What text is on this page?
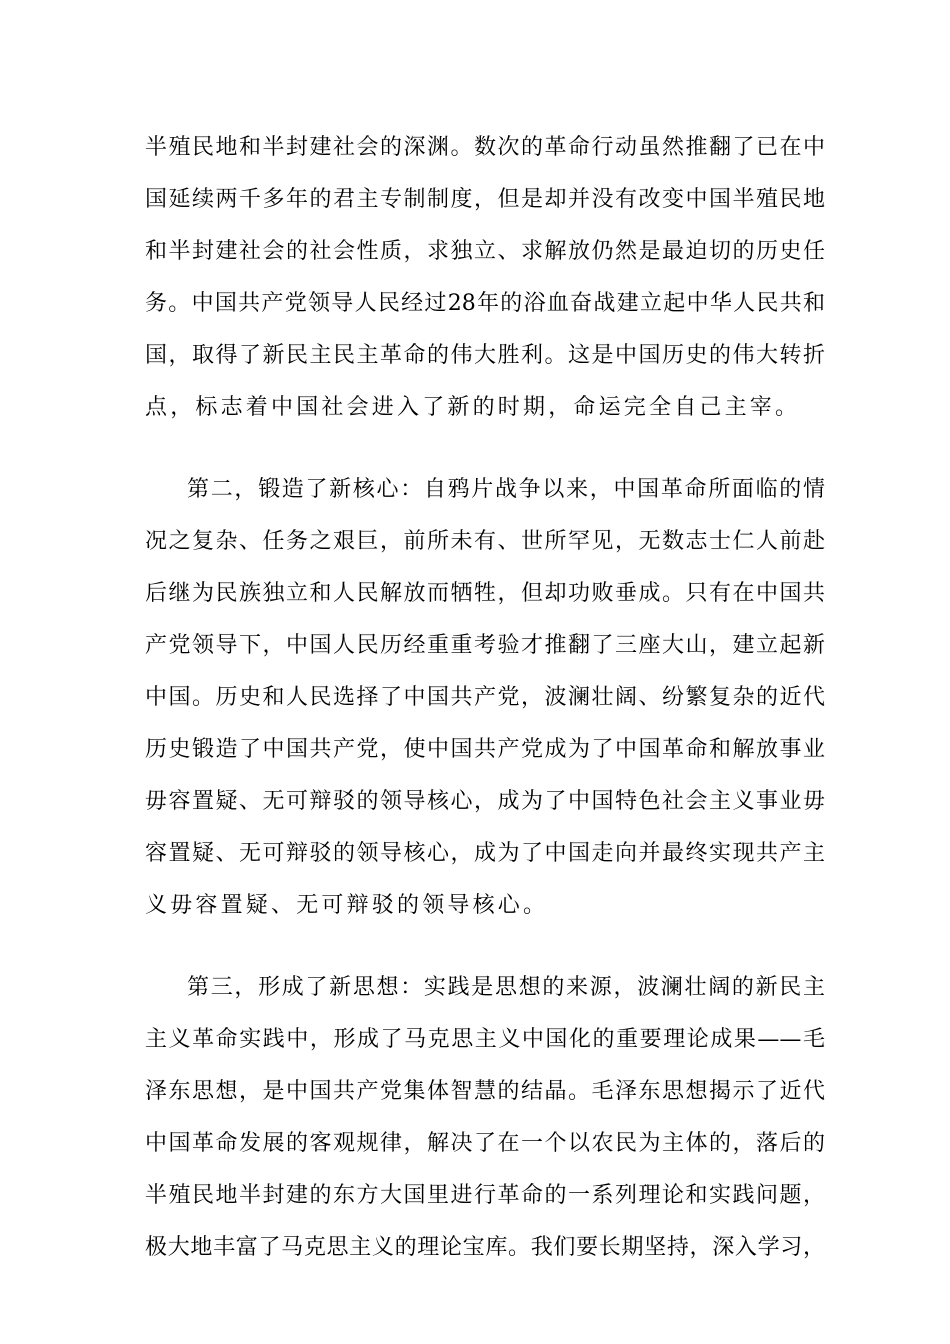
半殖民地和半封建社会的深渊。数次的革命行动虽然推翻了已在中
国延续两千多年的君主专制制度，但是却并没有改变中国半殖民地
和半封建社会的社会性质，求独立、求解放仍然是最迫切的历史任
务。中国共产党领导人民经过28年的浴血奋战建立起中华人民共和
国，取得了新民主民主革命的伟大胜利。这是中国历史的伟大转折
点，标志着中国社会进入了新的时期，命运完全自己主宰。
第二，锻造了新核心：自鸦片战争以来，中国革命所面临的情
况之复杂、任务之艰巨，前所未有、世所罕见，无数志士仁人前赴
后继为民族独立和人民解放而牺牲，但却功败垂成。只有在中国共
产党领导下，中国人民历经重重考验才推翻了三座大山，建立起新
中国。历史和人民选择了中国共产党，波澜壮阔、纷繁复杂的近代
历史锻造了中国共产党，使中国共产党成为了中国革命和解放事业
毋容置疑、无可辩驳的领导核心，成为了中国特色社会主义事业毋
容置疑、无可辩驳的领导核心，成为了中国走向并最终实现共产主
义毋容置疑、无可辩驳的领导核心。
第三，形成了新思想：实践是思想的来源，波澜壮阔的新民主
主义革命实践中，形成了马克思主义中国化的重要理论成果——毛
泽东思想，是中国共产党集体智慧的结晶。毛泽东思想揭示了近代
中国革命发展的客观规律，解决了在一个以农民为主体的，落后的
半殖民地半封建的东方大国里进行革命的一系列理论和实践问题，
极大地丰富了马克思主义的理论宝库。我们要长期坚持，深入学习，
